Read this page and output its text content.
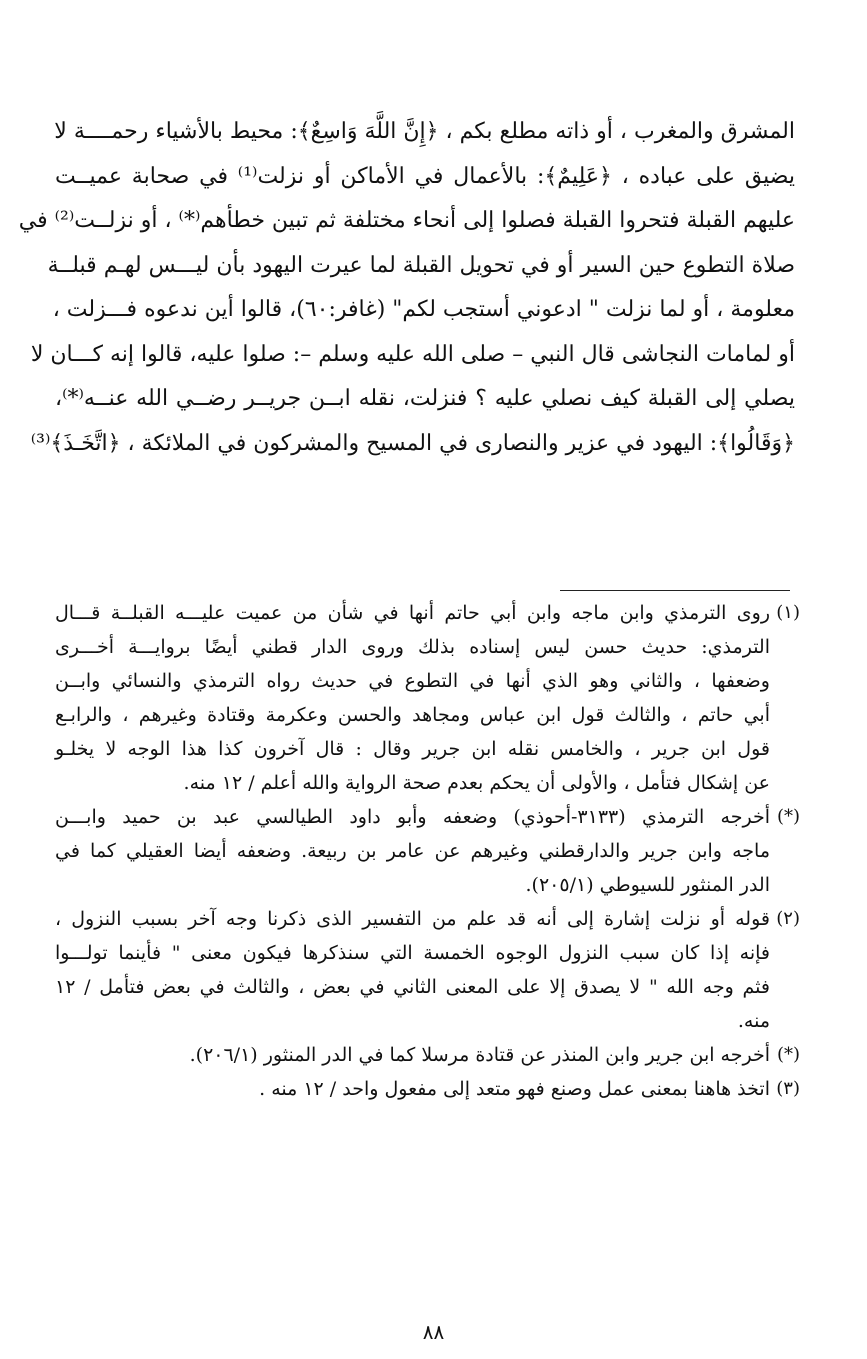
المشرق والمغرب ، أو ذاته مطلع بكم ، ﴿إِنَّ اللَّهَ وَاسِعٌ﴾: محيط بالأشياء رحمــــة لا
يضيق على عباده ، ﴿عَلِيمٌ﴾: بالأعمال في الأماكن أو نزلت⁽¹⁾ في صحابة عميــت
عليهم القبلة فتحروا القبلة فصلوا إلى أنحاء مختلفة ثم تبين خطأهم⁽*⁾ ، أو نزلــت⁽²⁾ في
صلاة التطوع حين السير أو في تحويل القبلة لما عيرت اليهود بأن ليـــس لهـم قبلــة
معلومة ، أو لما نزلت " ادعوني أستجب لكم" (غافر:٦٠)، قالوا أين ندعوه فـــزلت ،
أو لمامات النجاشى قال النبي – صلى الله عليه وسلم –: صلوا عليه، قالوا إنه كـــان لا
يصلي إلى القبلة كيف نصلي عليه ؟ فنزلت، نقله ابــن جريــر رضــي الله عنــه⁽*⁾،
﴿وَقَالُوا﴾: اليهود في عزير والنصارى في المسيح والمشركون في الملائكة ، ﴿اتَّخَـذَ﴾⁽³⁾
(١)
روى الترمذي وابن ماجه وابن أبي حاتم أنها في شأن من عميت عليـــه القبلــة قـــال
الترمذي: حديث حسن ليس إسناده بذلك وروى الدار قطني أيضًا بروايـــة أخـــرى
وضعفها ، والثاني وهو الذي أنها في التطوع في حديث رواه الترمذي والنسائي وابــن
أبي حاتم ، والثالث قول ابن عباس ومجاهد والحسن وعكرمة وقتادة وغيرهم ، والرابـع
قول ابن جرير ، والخامس نقله ابن جرير وقال : قال آخرون كذا هذا الوجه لا يخلـو
عن إشكال فتأمل ، والأولى أن يحكم بعدم صحة الرواية والله أعلم / ١٢ منه.
(*)
أخرجه الترمذي (٣١٣٣-أحوذي) وضعفه وأبو داود الطيالسي عبد بن حميد وابـــن
ماجه وابن جرير والدارقطني وغيرهم عن عامر بن ربيعة. وضعفه أيضا العقيلي كما في
الدر المنثور للسيوطي (٢٠٥/١).
(٢)
قوله أو نزلت إشارة إلى أنه قد علم من التفسير الذى ذكرنا وجه آخر بسبب النزول ،
فإنه إذا كان سبب النزول الوجوه الخمسة التي سنذكرها فيكون معنى " فأينما تولـــوا
فثم وجه الله " لا يصدق إلا على المعنى الثاني في بعض ، والثالث في بعض فتأمل / ١٢
منه.
(*)
أخرجه ابن جرير وابن المنذر عن قتادة مرسلا كما في الدر المنثور (٢٠٦/١).
(٣)
اتخذ هاهنا بمعنى عمل وصنع فهو متعد إلى مفعول واحد / ١٢ منه .
٨٨
